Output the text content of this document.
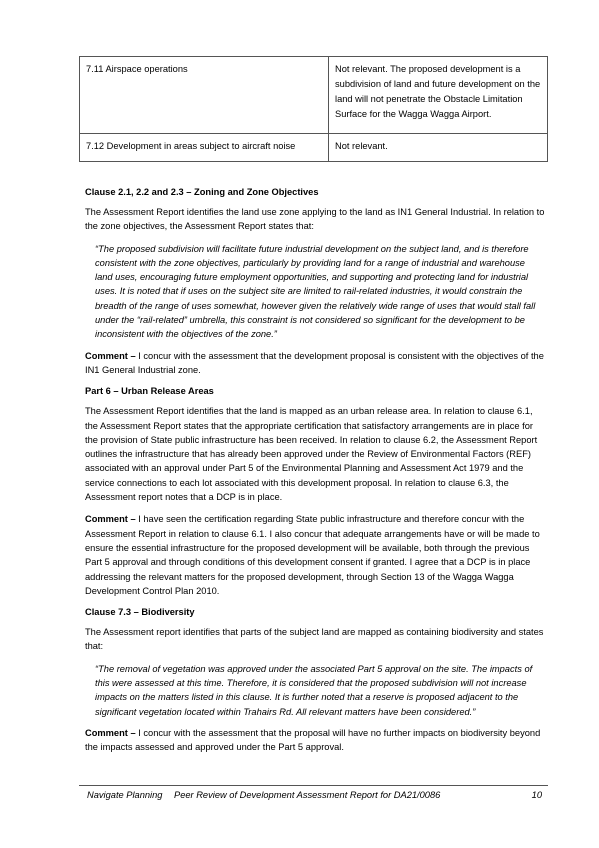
7.11 Airspace operations	Not relevant. The proposed development is a subdivision of land and future development on the land will not penetrate the Obstacle Limitation Surface for the Wagga Wagga Airport.
7.12 Development in areas subject to aircraft noise	Not relevant.

Clause 2.1, 2.2 and 2.3 – Zoning and Zone Objectives

The Assessment Report identifies the land use zone applying to the land as IN1 General Industrial. In relation to the zone objectives, the Assessment Report states that:

“The proposed subdivision will facilitate future industrial development on the subject land, and is therefore consistent with the zone objectives, particularly by providing land for a range of industrial and warehouse land uses, encouraging future employment opportunities, and supporting and protecting land for industrial uses. It is noted that if uses on the subject site are limited to rail-related industries, it would constrain the breadth of the range of uses somewhat, however given the relatively wide range of uses that would stall fall under the “rail-related” umbrella, this constraint is not considered so significant for the development to be inconsistent with the objectives of the zone.”

Comment – I concur with the assessment that the development proposal is consistent with the objectives of the IN1 General Industrial zone.

Part 6 – Urban Release Areas

The Assessment Report identifies that the land is mapped as an urban release area. In relation to clause 6.1, the Assessment Report states that the appropriate certification that satisfactory arrangements are in place for the provision of State public infrastructure has been received. In relation to clause 6.2, the Assessment Report outlines the infrastructure that has already been approved under the Review of Environmental Factors (REF) associated with an approval under Part 5 of the Environmental Planning and Assessment Act 1979 and the service connections to each lot associated with this development proposal. In relation to clause 6.3, the Assessment report notes that a DCP is in place.

Comment – I have seen the certification regarding State public infrastructure and therefore concur with the Assessment Report in relation to clause 6.1. I also concur that adequate arrangements have or will be made to ensure the essential infrastructure for the proposed development will be available, both through the previous Part 5 approval and through conditions of this development consent if granted. I agree that a DCP is in place addressing the relevant matters for the proposed development, through Section 13 of the Wagga Wagga Development Control Plan 2010.

Clause 7.3 – Biodiversity

The Assessment report identifies that parts of the subject land are mapped as containing biodiversity and states that:

“The removal of vegetation was approved under the associated Part 5 approval on the site. The impacts of this were assessed at this time. Therefore, it is considered that the proposed subdivision will not increase impacts on the matters listed in this clause. It is further noted that a reserve is proposed adjacent to the significant vegetation located within Trahairs Rd. All relevant matters have been considered.”

Comment – I concur with the assessment that the proposal will have no further impacts on biodiversity beyond the impacts assessed and approved under the Part 5 approval.

Navigate Planning Peer Review of Development Assessment Report for DA21/0086	10
